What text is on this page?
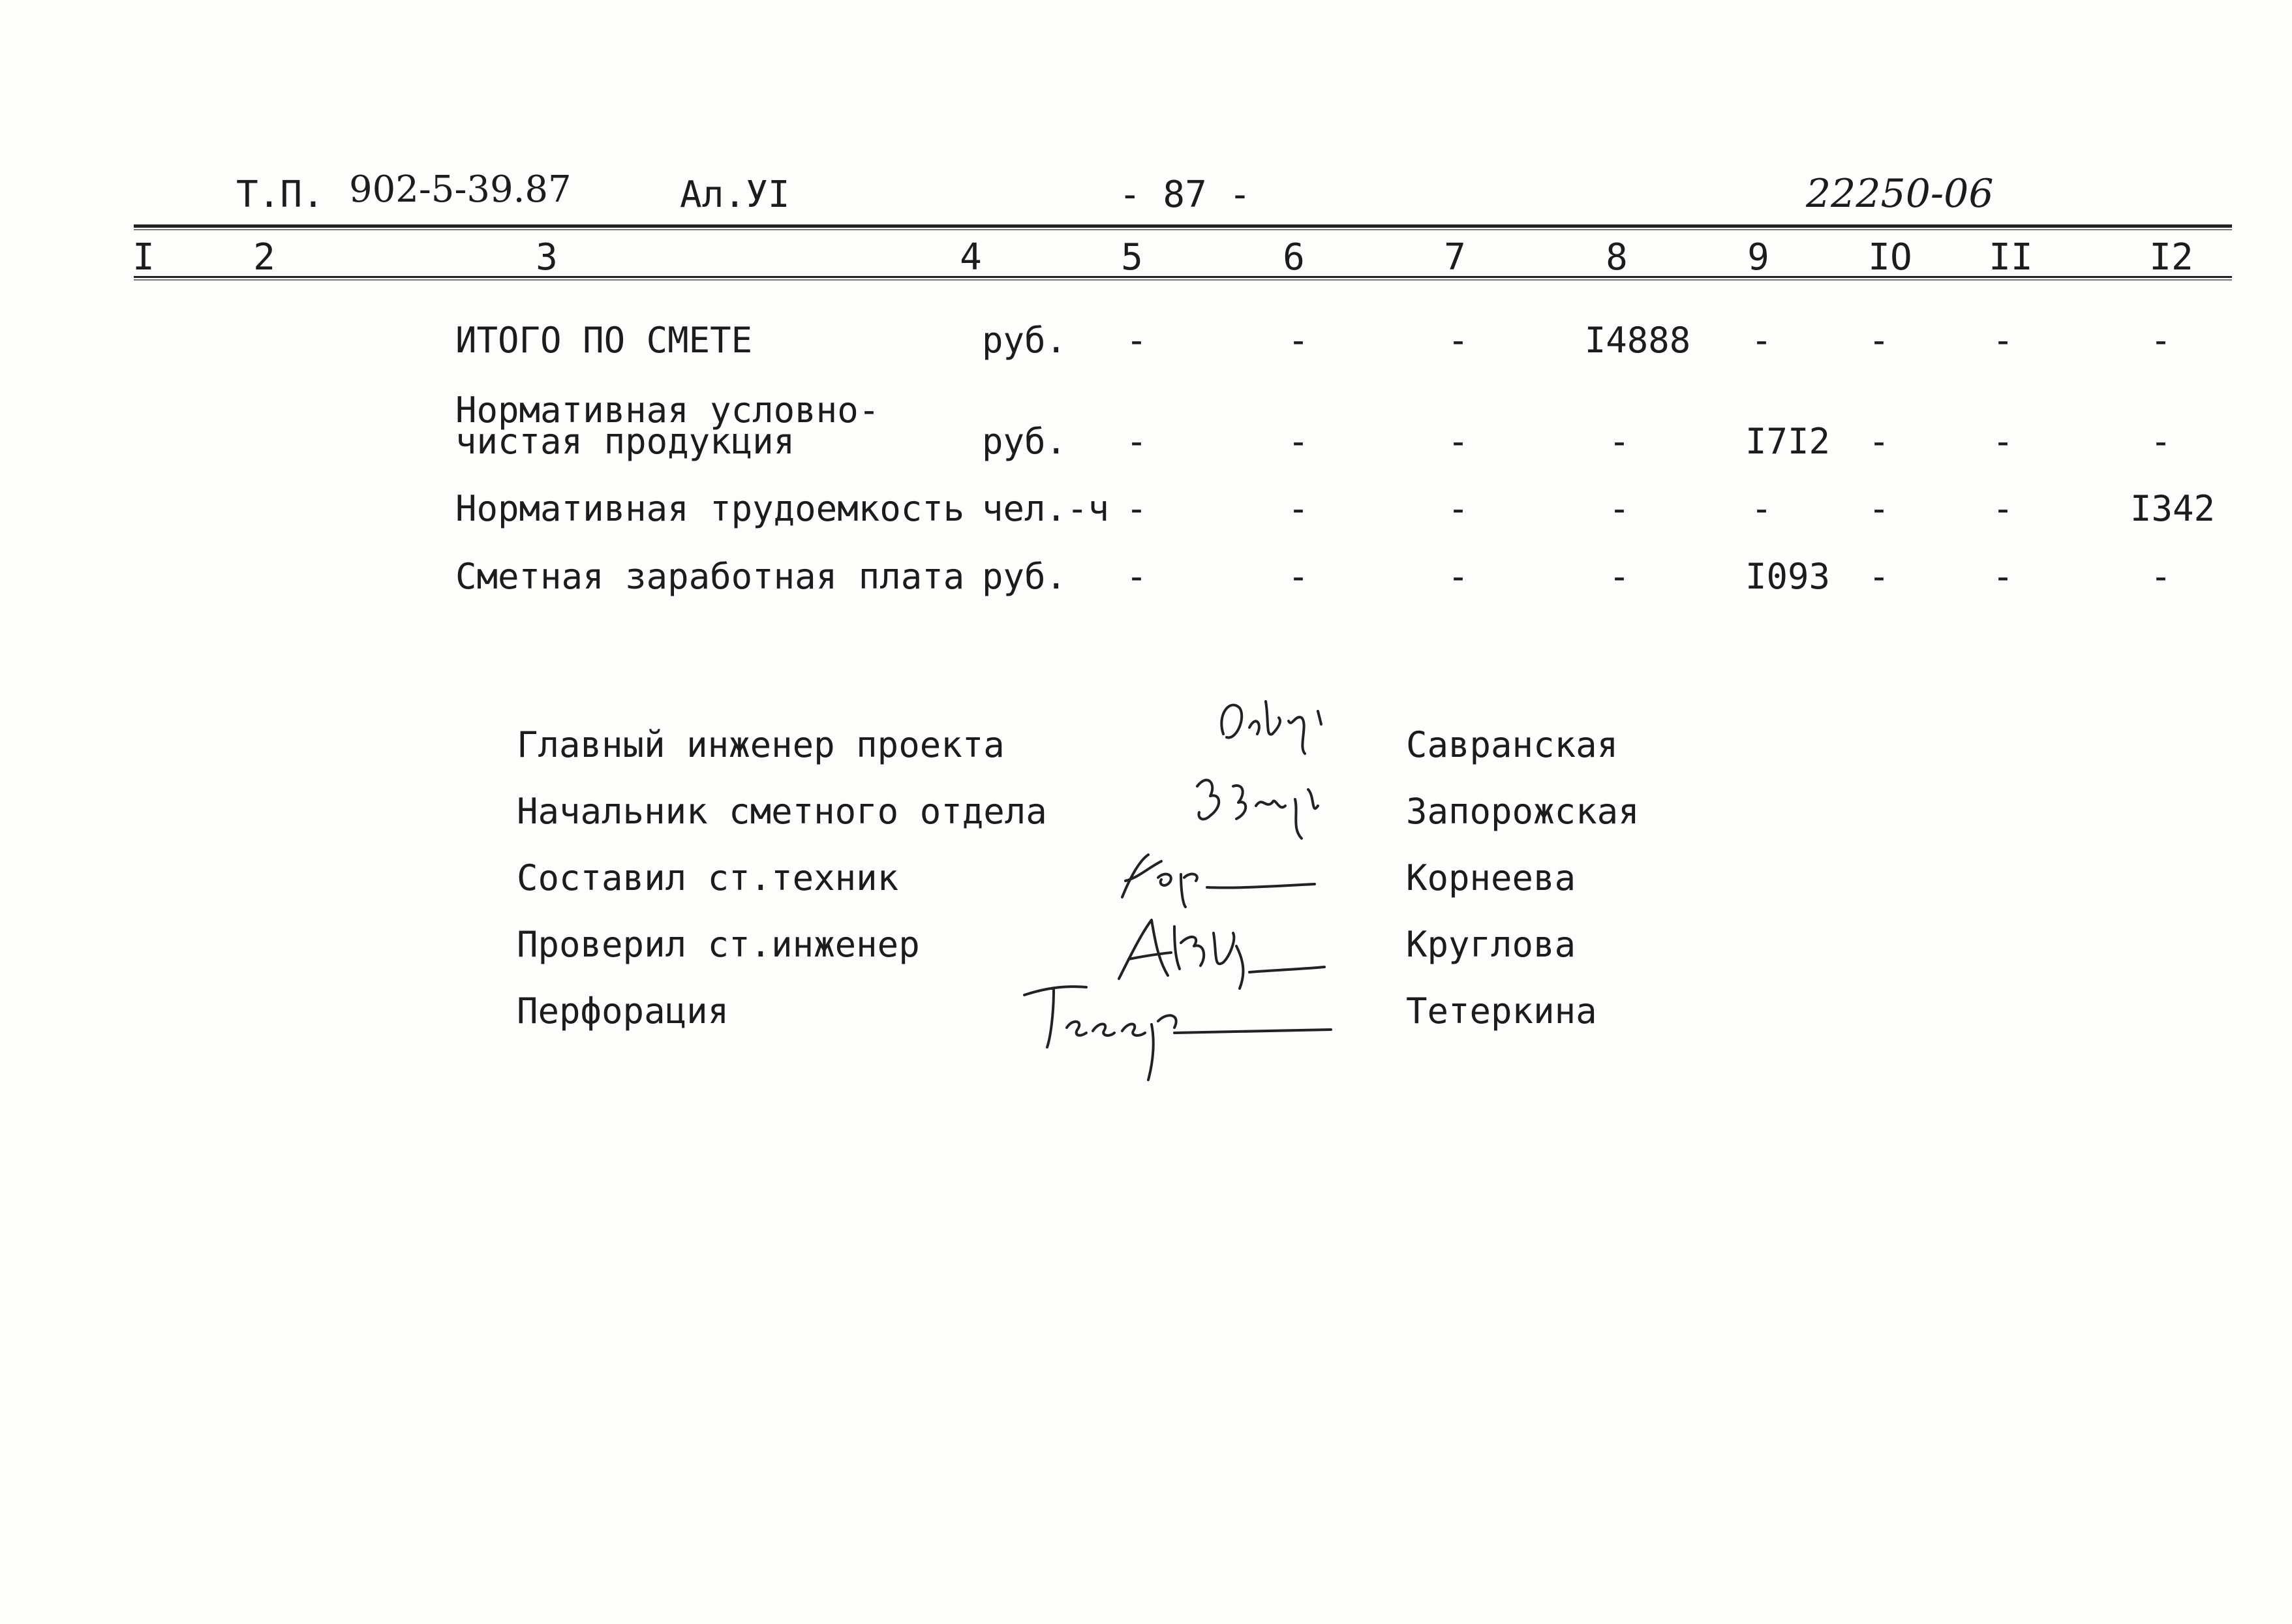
Т.П. 902-5-39.87	Ал.УI	- 87 -	22250-06
I	2	3	4	5	6	7	8	9	IO II	I2
ИТОГО ПО СМЕТЕ	руб. -	-	-	I4888 -	-	-	-
Нормативная условно-
чистая продукция	руб. -	-	-	-	I7I2 -	-	-
Нормативная трудоемкость чел.-ч -	-	-	-	-	-	-	I342
Сметная заработная плата руб. -	-	-	-	I093 -	-	-
Главный инженер проекта	Савранская
Начальник сметного отдела	Запорожская
Составил ст.техник	Корнеева
Проверил ст.инженер	Круглова
Перфорация	Тетеркина
